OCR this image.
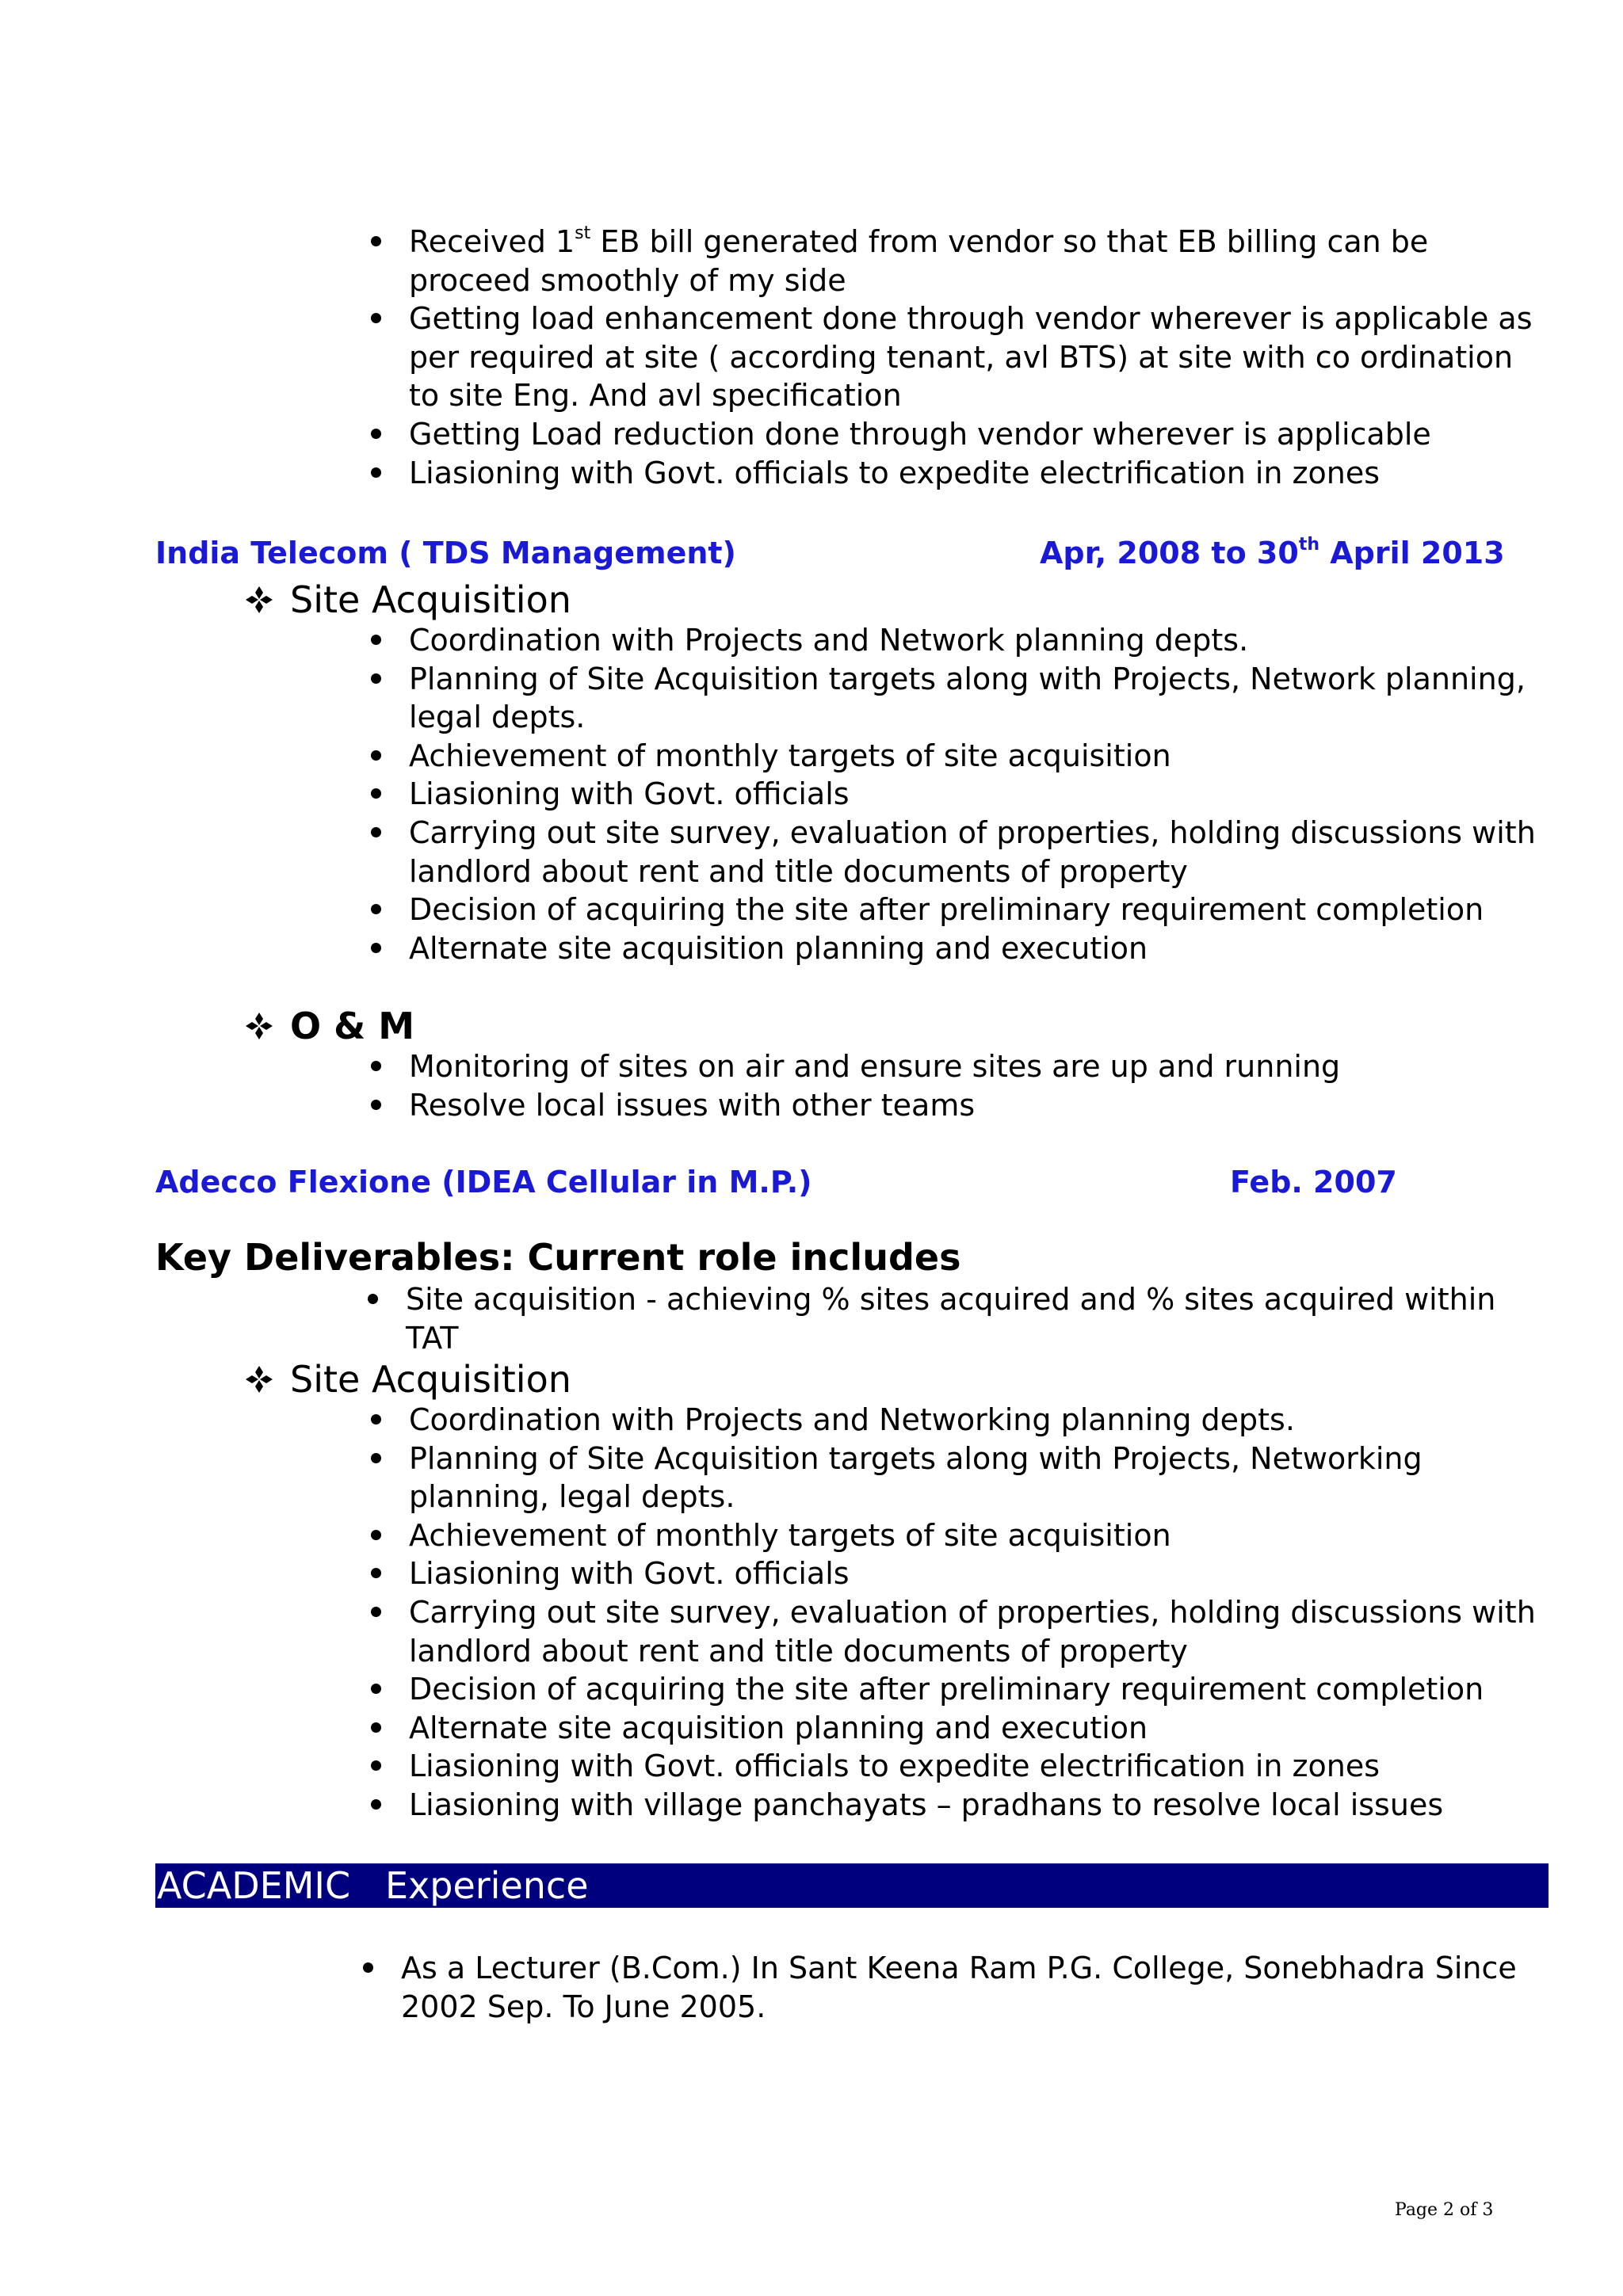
Received 1st EB bill generated from vendor so that EB billing can be proceed smoothly of my side
Getting load enhancement done through vendor wherever is applicable as per required at site ( according tenant, avl BTS) at site with co ordination to site Eng. And avl specification
Getting Load reduction done through vendor wherever is applicable
Liasioning with Govt. officials to expedite electrification in zones
India Telecom ( TDS Management)	Apr, 2008 to 30th April 2013
Site Acquisition
Coordination with Projects and Network planning depts.
Planning of Site Acquisition targets along with Projects, Network planning, legal depts.
Achievement of monthly targets of site acquisition
Liasioning with Govt. officials
Carrying out site survey, evaluation of properties, holding discussions with landlord about rent and title documents of property
Decision of acquiring the site after preliminary requirement completion
Alternate site acquisition planning and execution
O & M
Monitoring of sites on air and ensure sites are up and running
Resolve local issues with other teams
Adecco Flexione (IDEA Cellular in M.P.)	Feb. 2007
Key Deliverables: Current role includes
Site acquisition - achieving % sites acquired and % sites acquired within TAT
Site Acquisition
Coordination with Projects and Networking planning depts.
Planning of Site Acquisition targets along with Projects, Networking planning, legal depts.
Achievement of monthly targets of site acquisition
Liasioning with Govt. officials
Carrying out site survey, evaluation of properties, holding discussions with landlord about rent and title documents of property
Decision of acquiring the site after preliminary requirement completion
Alternate site acquisition planning and execution
Liasioning with Govt. officials to expedite electrification in zones
Liasioning with village panchayats – pradhans to resolve local issues
ACADEMIC   Experience
As a Lecturer (B.Com.) In Sant Keena Ram P.G. College, Sonebhadra Since 2002 Sep. To June 2005.
Page 2 of 3
